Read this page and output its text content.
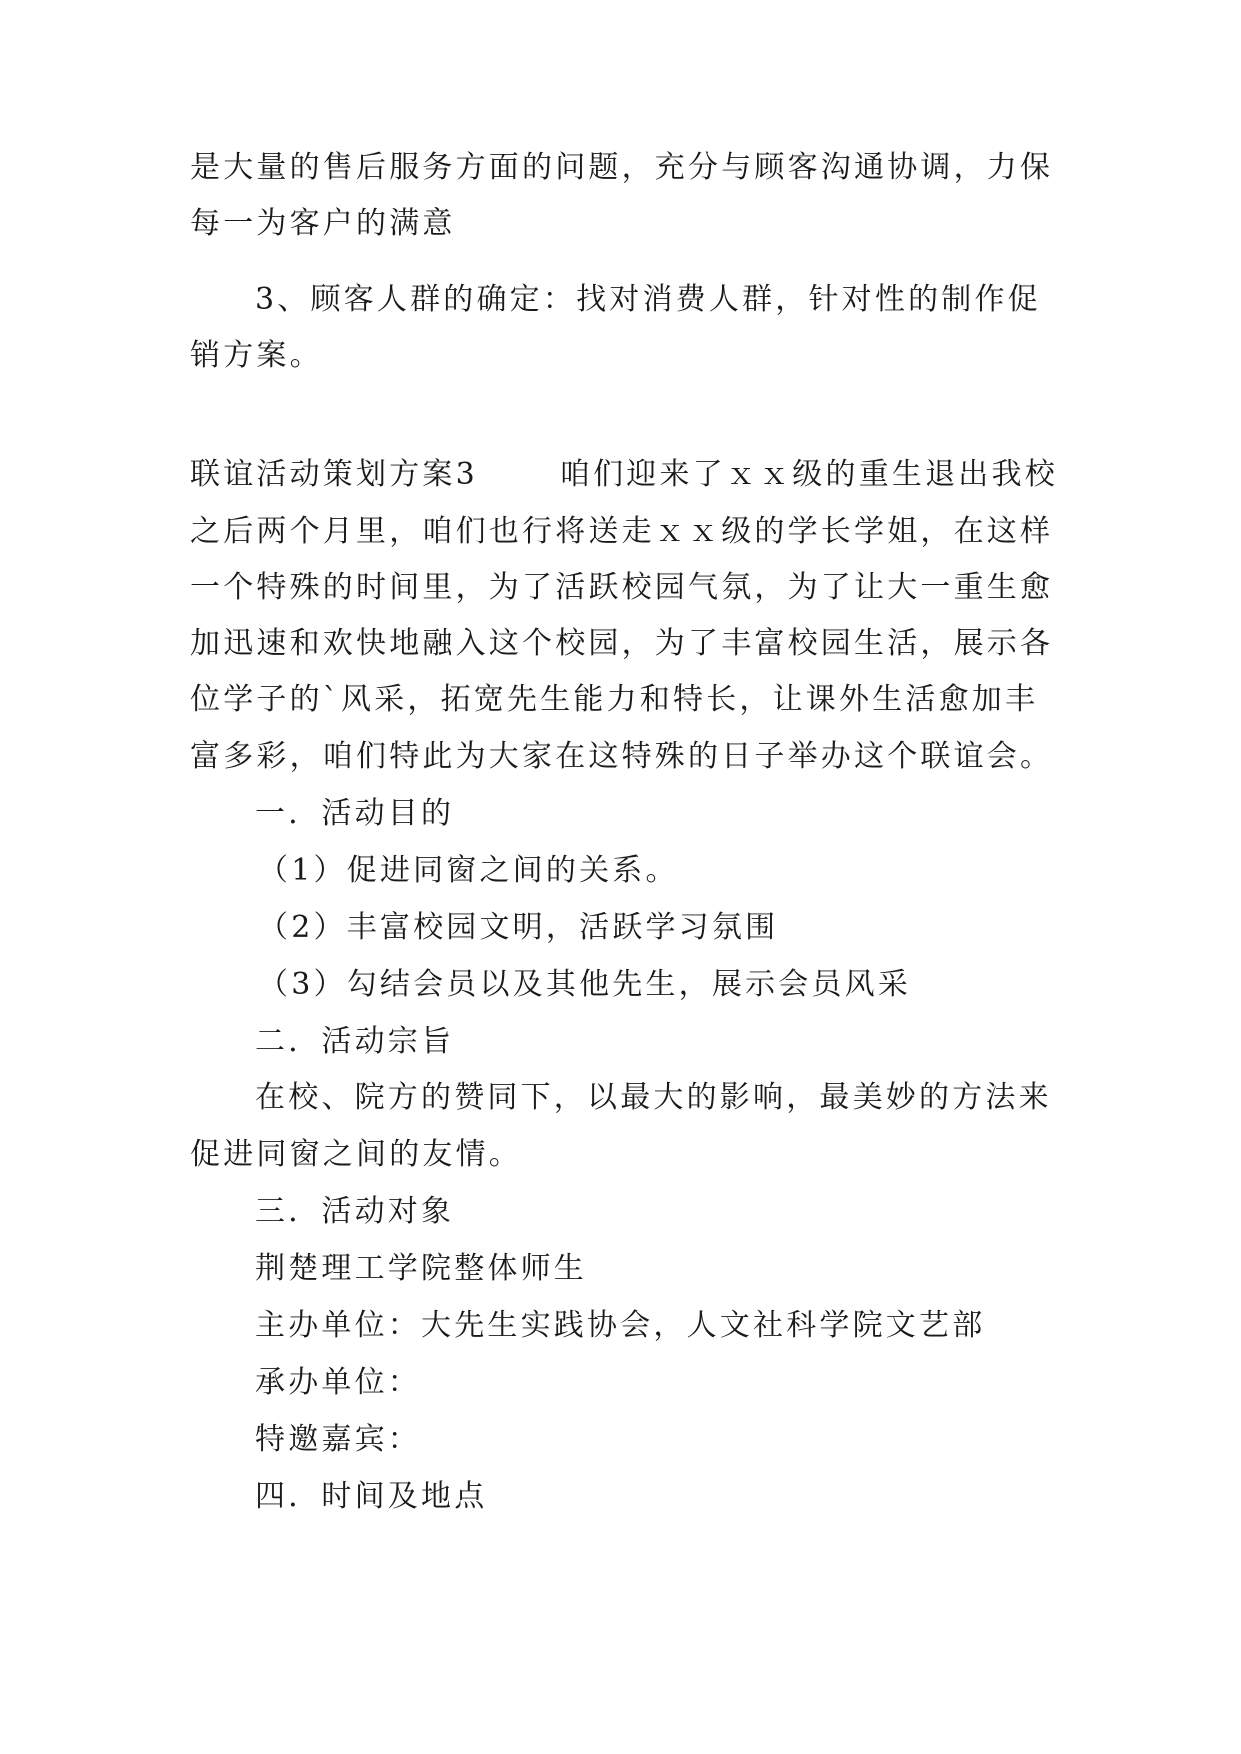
是大量的售后服务方面的问题，充分与顾客沟通协调，力保
每一为客户的满意
3、顾客人群的确定：找对消费人群，针对性的制作促
销方案。
联谊活动策划方案3	咱们迎来了ｘｘ级的重生退出我校
之后两个月里，咱们也行将送走ｘｘ级的学长学姐，在这样
一个特殊的时间里，为了活跃校园气氛，为了让大一重生愈
加迅速和欢快地融入这个校园，为了丰富校园生活，展示各
位学子的`风采，拓宽先生能力和特长，让课外生活愈加丰
富多彩，咱们特此为大家在这特殊的日子举办这个联谊会。
一．活动目的
（1）促进同窗之间的关系。
（2）丰富校园文明，活跃学习氛围
（3）勾结会员以及其他先生，展示会员风采
二．活动宗旨
在校、院方的赞同下，以最大的影响，最美妙的方法来
促进同窗之间的友情。
三．活动对象
荆楚理工学院整体师生
主办单位：大先生实践协会，人文社科学院文艺部
承办单位：
特邀嘉宾：
四．时间及地点
